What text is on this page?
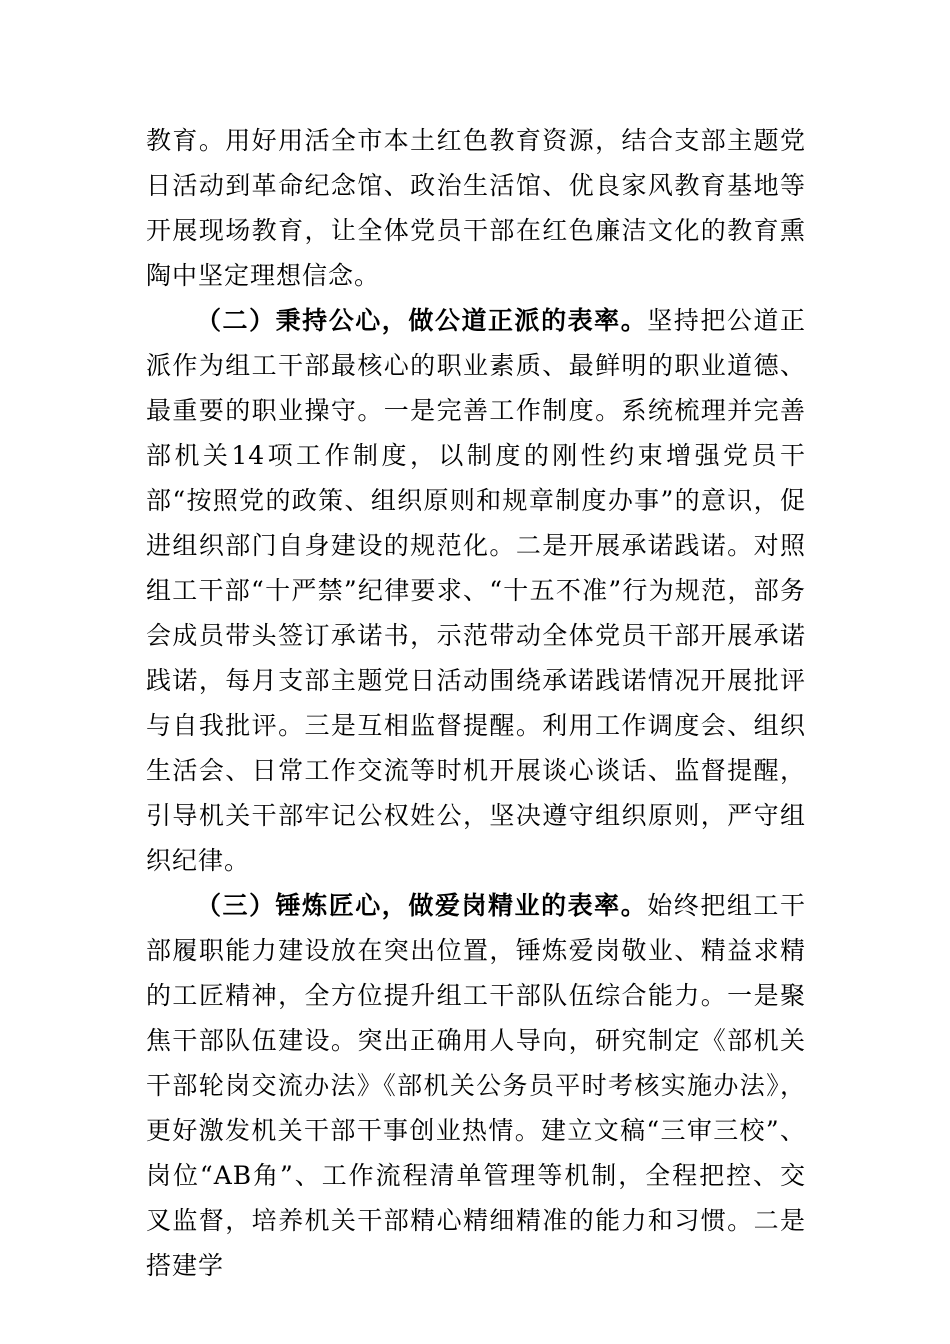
教育。用好用活全市本土红色教育资源，结合支部主题党日活动到革命纪念馆、政治生活馆、优良家风教育基地等开展现场教育，让全体党员干部在红色廉洁文化的教育熏陶中坚定理想信念。

（二）秉持公心，做公道正派的表率。坚持把公道正派作为组工干部最核心的职业素质、最鲜明的职业道德、最重要的职业操守。一是完善工作制度。系统梳理并完善部机关14项工作制度，以制度的刚性约束增强党员干部“按照党的政策、组织原则和规章制度办事”的意识，促进组织部门自身建设的规范化。二是开展承诺践诺。对照组工干部“十严禁”纪律要求、“十五不准”行为规范，部务会成员带头签订承诺书，示范带动全体党员干部开展承诺践诺，每月支部主题党日活动围绕承诺践诺情况开展批评与自我批评。三是互相监督提醒。利用工作调度会、组织生活会、日常工作交流等时机开展谈心谈话、监督提醒，引导机关干部牢记公权姓公，坚决遵守组织原则，严守组织纪律。

（三）锤炼匠心，做爱岗精业的表率。始终把组工干部履职能力建设放在突出位置，锤炼爱岗敬业、精益求精的工匠精神，全方位提升组工干部队伍综合能力。一是聚焦干部队伍建设。突出正确用人导向，研究制定《部机关干部轮岗交流办法》《部机关公务员平时考核实施办法》，更好激发机关干部干事创业热情。建立文稿“三审三校”、岗位“AB角”、工作流程清单管理等机制，全程把控、交叉监督，培养机关干部精心精细精准的能力和习惯。二是搭建学
